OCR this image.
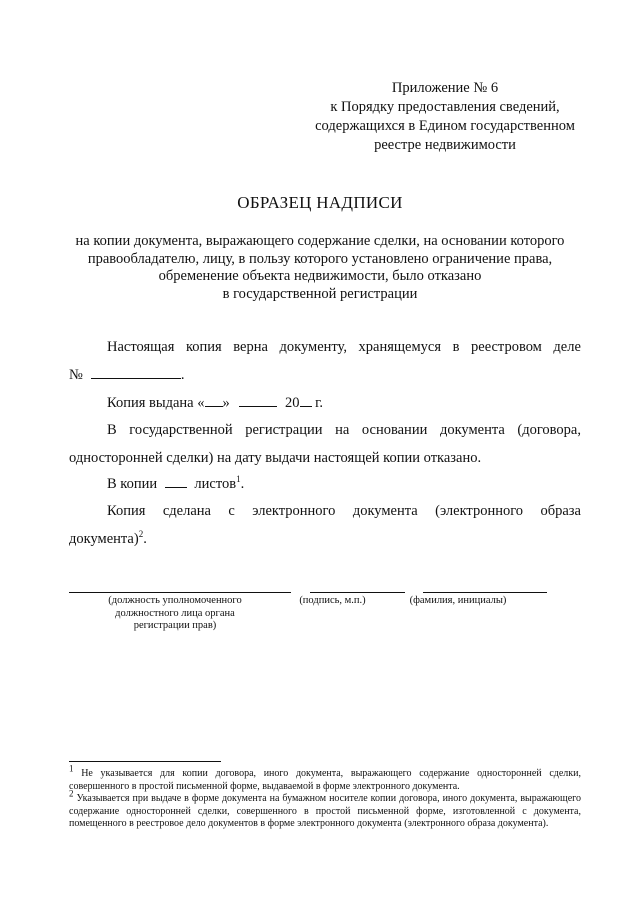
Приложение № 6
к Порядку предоставления сведений,
содержащихся в Едином государственном
реестре недвижимости
ОБРАЗЕЦ НАДПИСИ
на копии документа, выражающего содержание сделки, на основании которого
правообладателю, лицу, в пользу которого установлено ограничение права,
обременение объекта недвижимости, было отказано
в государственной регистрации
Настоящая копия верна документу, хранящемуся в реестровом деле
№	.
Копия выдана « »	20 г.
В государственной регистрации на основании документа (договора,
односторонней сделки) на дату выдачи настоящей копии отказано.
В копии	листов$^1$.
Копия сделана с электронного документа (электронного образа
документа)$^2$.
(должность уполномоченного должностного лица органа регистрации прав)
(подпись, м.п.)	(фамилия, инициалы)

$^1$ Не указывается для копии договора, иного документа, выражающего содержание односторонней сделки, совершенного в простой письменной форме, выдаваемой в форме электронного документа.

$^2$ Указывается при выдаче в форме документа на бумажном носителе копии договора, иного документа, выражающего содержание односторонней сделки, совершенного в простой письменной форме, изготовленной с документа, помещенного в реестровое дело документов в форме электронного документа (электронного образа документа).
